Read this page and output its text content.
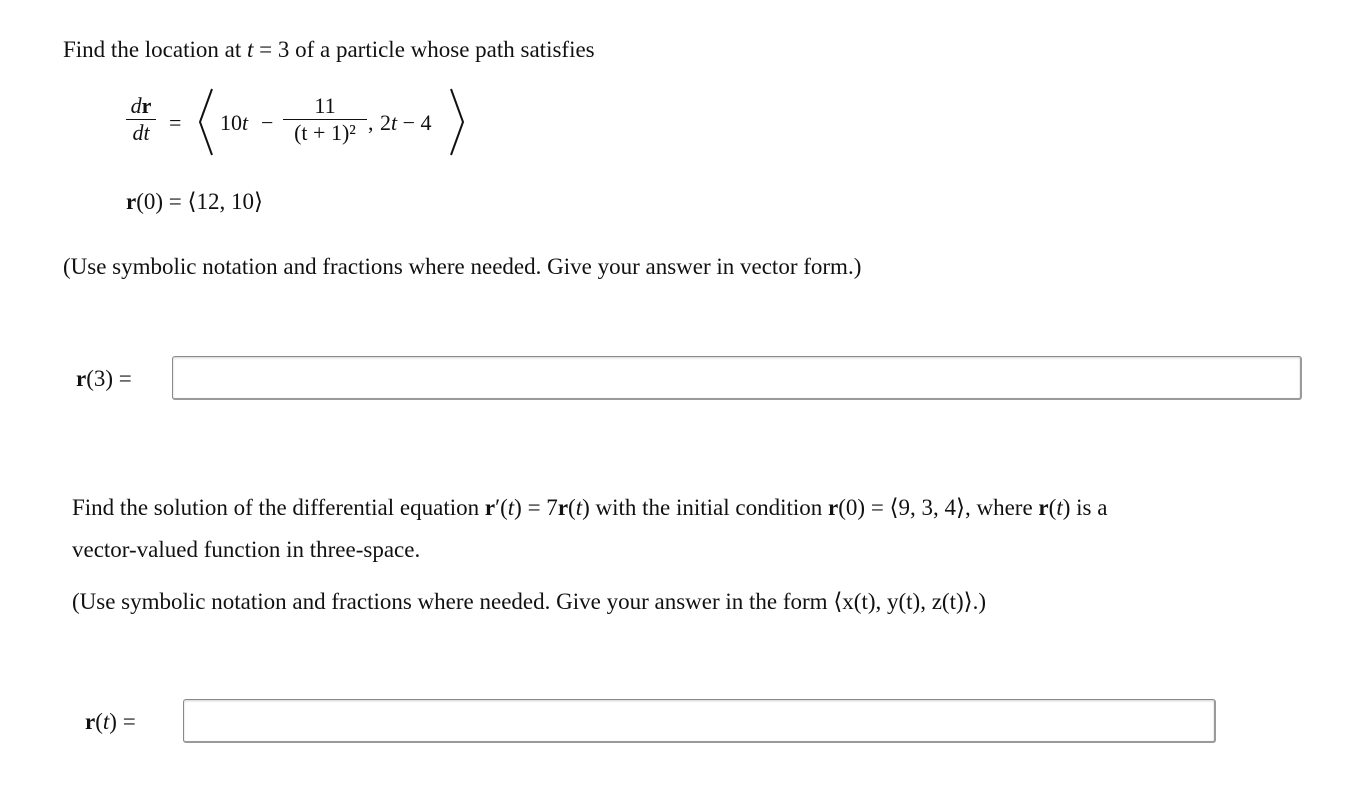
Find the location at t = 3 of a particle whose path satisfies
dr
dt = 10t −
11
(t + 1)² , 2t − 4
r(0) = ⟨12, 10⟩
(Use symbolic notation and fractions where needed. Give your answer in vector form.)
r(3) =
Find the solution of the differential equation r′(t) = 7r(t) with the initial condition r(0) = ⟨9, 3, 4⟩, where r(t) is a
vector-valued function in three-space.
(Use symbolic notation and fractions where needed. Give your answer in the form ⟨x(t), y(t), z(t)⟩.)
r(t) =
